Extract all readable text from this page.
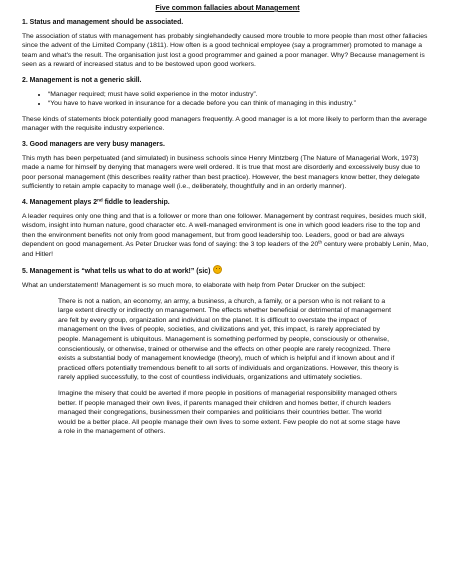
Five common fallacies about Management
1. Status and management should be associated.
The association of status with management has probably singlehandedly caused more trouble to more people than most other fallacies since the advent of the Limited Company (1811). How often is a good technical employee (say a programmer) promoted to manage a team and what's the result. The organisation just lost a good programmer and gained a poor manager. Why? Because management is seen as a reward of increased status and to be bestowed upon good workers.
2. Management is not a generic skill.
• “Manager required; must have solid experience in the motor industry”.
• “You have to have worked in insurance for a decade before you can think of managing in this industry.”
These kinds of statements block potentially good managers frequently. A good manager is a lot more likely to perform than the average manager with the requisite industry experience.
3. Good managers are very busy managers.
This myth has been perpetuated (and simulated) in business schools since Henry Mintzberg (The Nature of Managerial Work, 1973) made a name for himself by denying that managers were well ordered. It is true that most are disorderly and excessively busy due to poor personal management (this describes reality rather than best practice). However, the best managers know better, they delegate sufficiently to retain ample capacity to manage well (i.e., deliberately, thoughtfully and in an orderly manner).
4. Management plays 2nd fiddle to leadership.
A leader requires only one thing and that is a follower or more than one follower. Management by contrast requires, besides much skill, wisdom, insight into human nature, good character etc. A well-managed environment is one in which good leaders rise to the top and then the environment benefits not only from good management, but from good leadership too. Leaders, good or bad are always dependent on good management. As Peter Drucker was fond of saying: the 3 top leaders of the 20th century were probably Lenin, Mao, and Hitler!
5. Management is “what tells us what to do at work!” (sic)
What an understatement! Management is so much more, to elaborate with help from Peter Drucker on the subject:
There is not a nation, an economy, an army, a business, a church, a family, or a person who is not reliant to a large extent directly or indirectly on management. The effects whether beneficial or detrimental of management are felt by every group, organization and individual on the planet. It is difficult to overstate the impact of management on the lives of people, societies, and civilizations and yet, this impact, is rarely appreciated by people. Management is ubiquitous. Management is something performed by people, consciously or otherwise, conscientiously, or otherwise, trained or otherwise and the effects on other people are rarely recognized. There exists a substantial body of management knowledge (theory), much of which is helpful and if known about and if practiced offers potentially tremendous benefit to all sorts of individuals and organizations. However, this theory is rarely applied successfully, to the cost of countless individuals, organizations and ultimately societies.
Imagine the misery that could be averted if more people in positions of managerial responsibility managed others better. If people managed their own lives, if parents managed their children and homes better, if church leaders managed their congregations, businessmen their companies and politicians their countries better. The world would be a better place. All people manage their own lives to some extent. Few people do not at some stage have a role in the management of others.
